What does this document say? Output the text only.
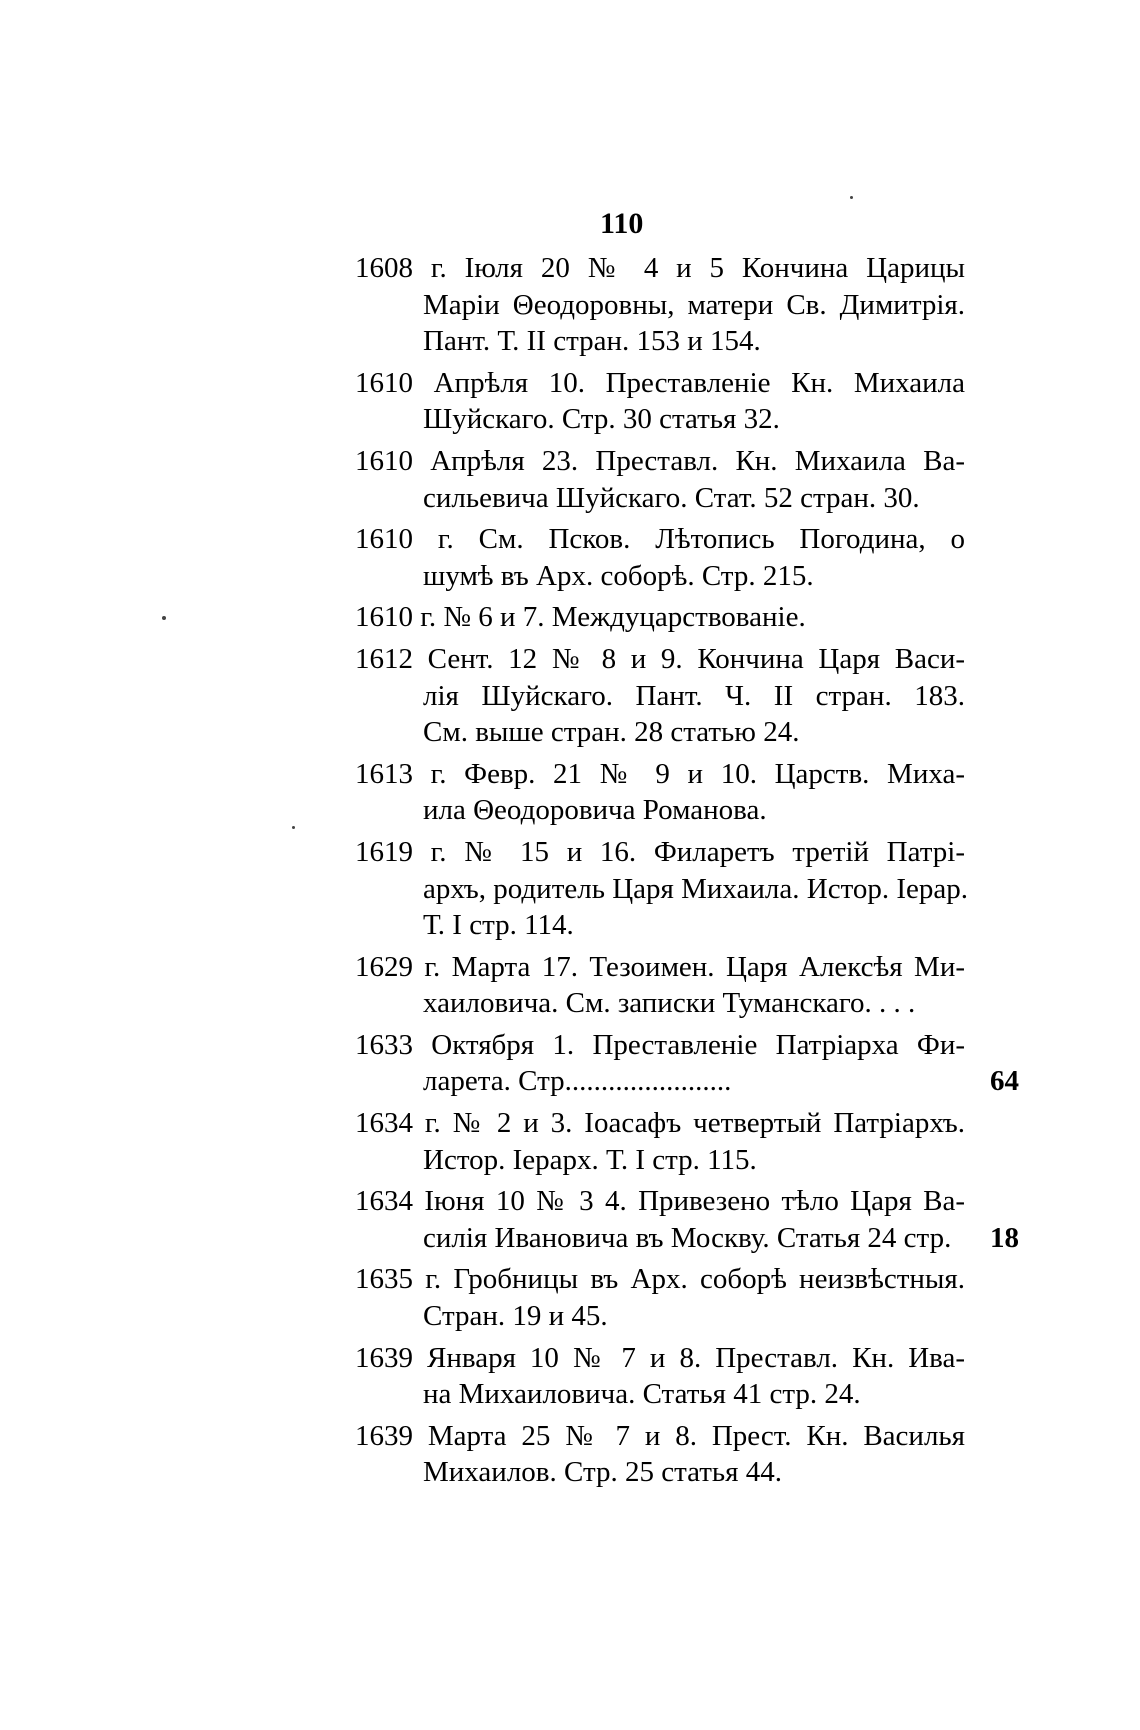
110
1608 г. Іюля 20 № 4 и 5 Кончина Царицы
Маріи Θеодоровны, матери Св. Димитрія.
Пант. Т. II стран. 153 и 154.
1610 Апрѣля 10. Преставленіе Кн. Михаила
Шуйскаго. Стр. 30 статья 32.
1610 Апрѣля 23. Преставл. Кн. Михаила Ва-
сильевича Шуйскаго. Стат. 52 стран. 30.
1610 г. См. Псков. Лѣтопись Погодина, о
шумѣ въ Арх. соборѣ. Стр. 215.
1610 г. № 6 и 7. Междуцарствованіе.
1612 Сент. 12 № 8 и 9. Кончина Царя Васи-
лія Шуйскаго. Пант. Ч. II стран. 183.
См. выше стран. 28 статью 24.
1613 г. Февр. 21 № 9 и 10. Царств. Миха-
ила Θеодоровича Романова.
1619 г. № 15 и 16. Филаретъ третій Патрі-
архъ, родитель Царя Михаила. Истор. Іерар.
Т. I стр. 114.
1629 г. Марта 17. Тезоимен. Царя Алексѣя Ми-
хаиловича. См. записки Туманскаго. . . .
1633 Октября 1. Преставленіе Патріарха Фи-
ларета. Стр.......................	64
1634 г. № 2 и 3. Іоасафъ четвертый Патріархъ.
Истор. Іерарх. Т. I стр. 115.
1634 Іюня 10 № 3 4. Привезено тѣло Царя Ва-
силія Ивановича въ Москву. Статья 24 стр.	18
1635 г. Гробницы въ Арх. соборѣ неизвѣстныя.
Стран. 19 и 45.
1639 Января 10 № 7 и 8. Преставл. Кн. Ива-
на Михаиловича. Статья 41 стр. 24.
1639 Марта 25 № 7 и 8. Прест. Кн. Василья
Михаилов. Стр. 25 статья 44.
